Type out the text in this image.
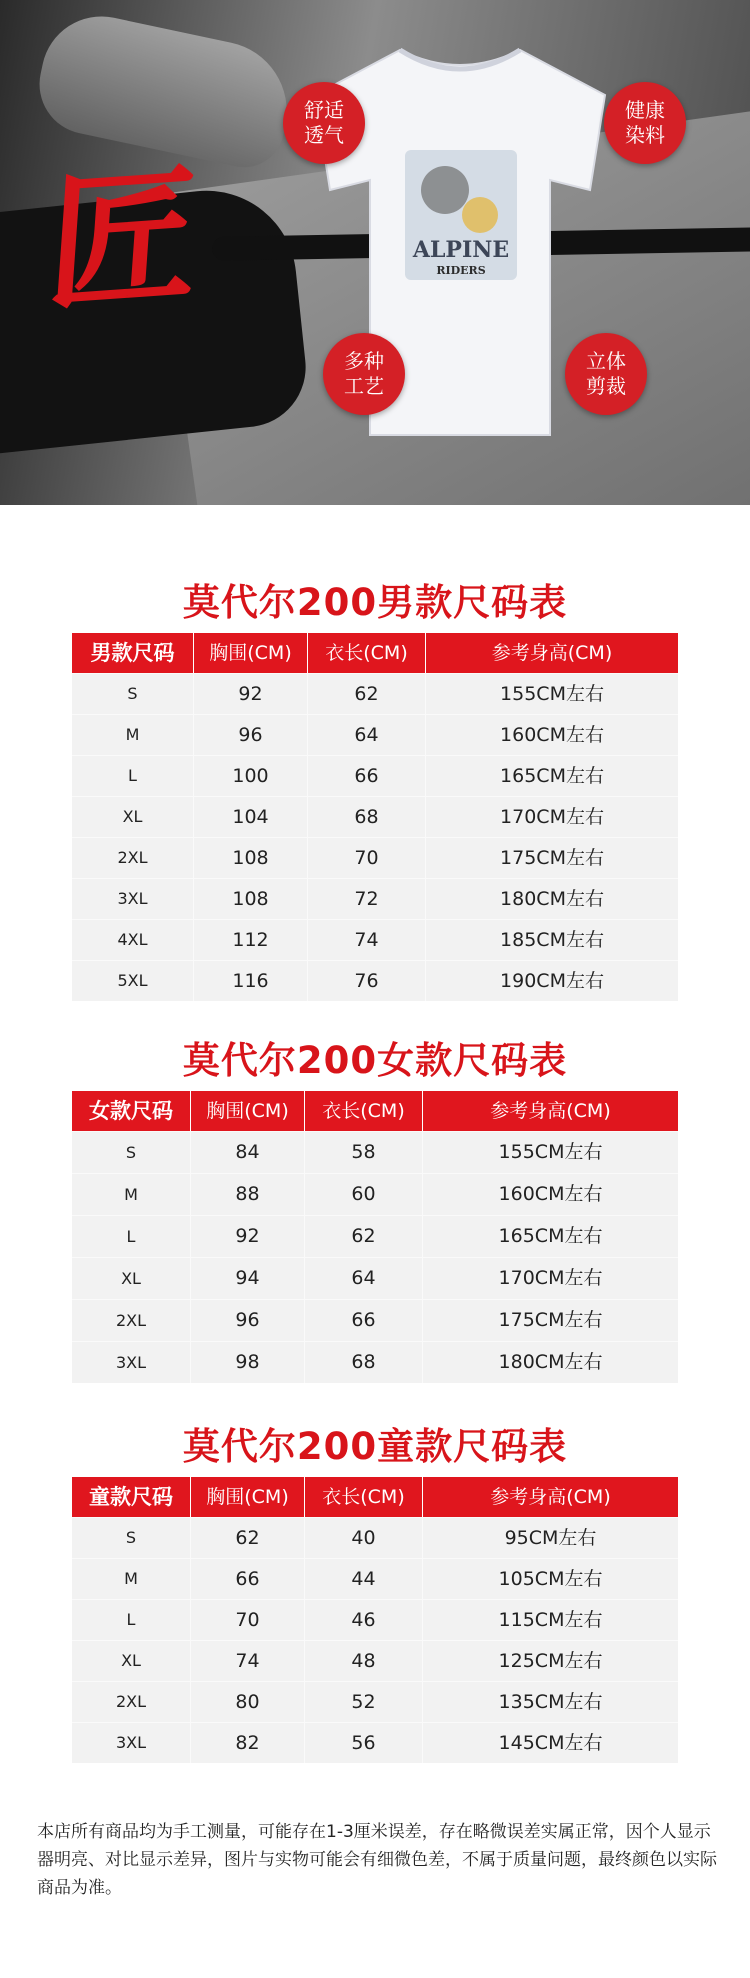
ALPINE
RIDERS
匠
舒适
透气
健康
染料
多种
工艺
立体
剪裁
莫代尔200男款尺码表
男款尺码	胸围(CM)	衣长(CM)	参考身高(CM)
S	92	62	155CM左右
M	96	64	160CM左右
L	100	66	165CM左右
XL	104	68	170CM左右
2XL	108	70	175CM左右
3XL	108	72	180CM左右
4XL	112	74	185CM左右
5XL	116	76	190CM左右
莫代尔200女款尺码表
女款尺码	胸围(CM)	衣长(CM)	参考身高(CM)
S	84	58	155CM左右
M	88	60	160CM左右
L	92	62	165CM左右
XL	94	64	170CM左右
2XL	96	66	175CM左右
3XL	98	68	180CM左右
莫代尔200童款尺码表
童款尺码	胸围(CM)	衣长(CM)	参考身高(CM)
S	62	40	95CM左右
M	66	44	105CM左右
L	70	46	115CM左右
XL	74	48	125CM左右
2XL	80	52	135CM左右
3XL	82	56	145CM左右
本店所有商品均为手工测量，可能存在1-3厘米误差，存在略微误差实属正常，因个人显示器明亮、对比显示差异，图片与实物可能会有细微色差，不属于质量问题，最终颜色以实际商品为准。
